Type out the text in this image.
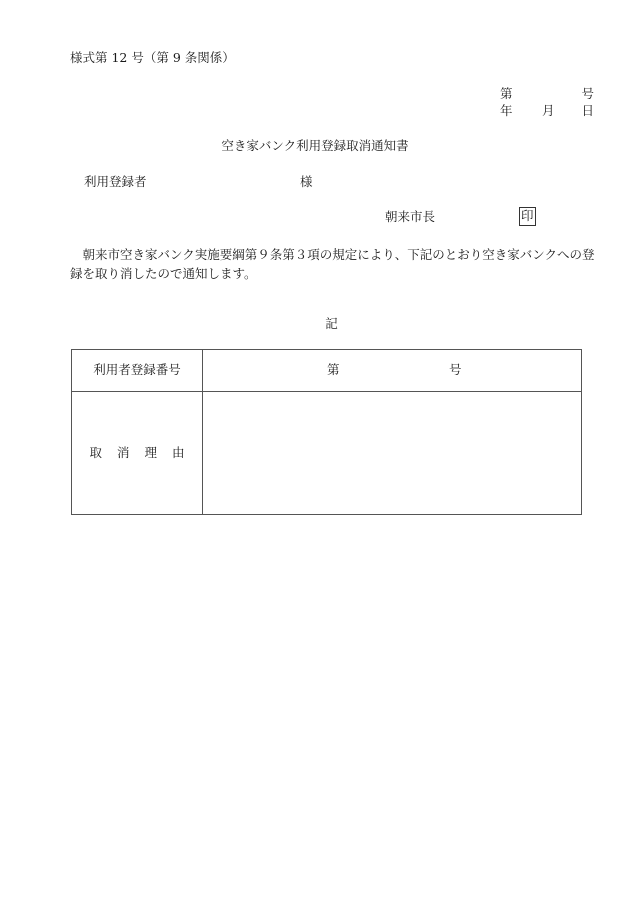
様式第 12 号（第 9 条関係）
第	号
年 月 日
空き家バンク利用登録取消通知書
利用登録者	様
朝来市長	印
朝来市空き家バンク実施要綱第９条第３項の規定により、下記のとおり空き家バンクへの登録を取り消したので通知します。
記
利用者登録番号	第 号

取消理由	
